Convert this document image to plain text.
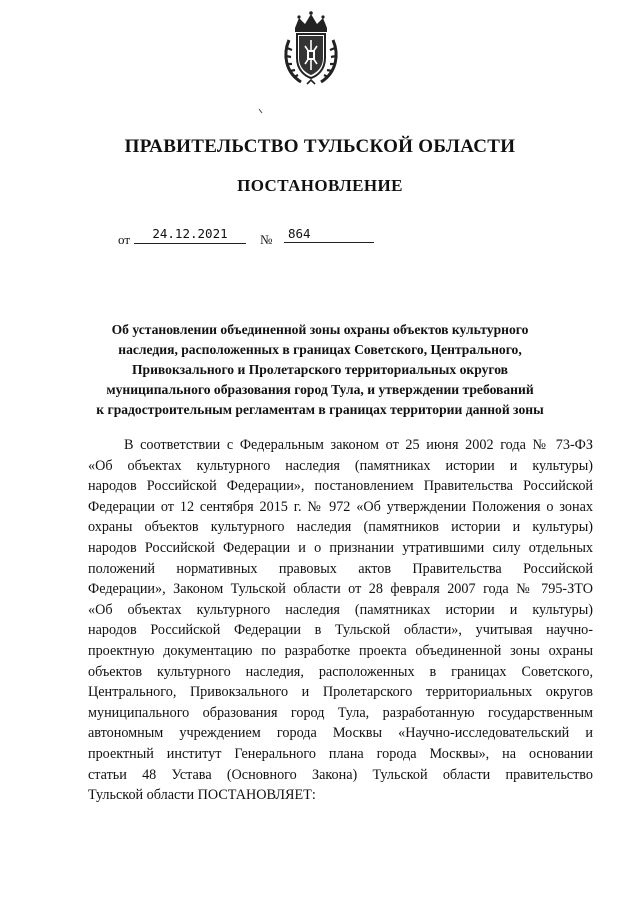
ПРАВИТЕЛЬСТВО ТУЛЬСКОЙ ОБЛАСТИ
ПОСТАНОВЛЕНИЕ
от	24.12.2021	№	864
Об установлении объединенной зоны охраны объектов культурного
наследия, расположенных в границах Советского, Центрального,
Привокзального и Пролетарского территориальных округов
муниципального образования город Тула, и утверждении требований
к градостроительным регламентам в границах территории данной зоны
В соответствии с Федеральным законом от 25 июня 2002 года № 73-ФЗ
«Об объектах культурного наследия (памятниках истории и культуры)
народов Российской Федерации», постановлением Правительства Российской
Федерации от 12 сентября 2015 г. № 972 «Об утверждении Положения о зонах
охраны объектов культурного наследия (памятников истории и культуры)
народов Российской Федерации и о признании утратившими силу отдельных
положений нормативных правовых актов Правительства Российской
Федерации», Законом Тульской области от 28 февраля 2007 года № 795-ЗТО
«Об объектах культурного наследия (памятниках истории и культуры)
народов Российской Федерации в Тульской области», учитывая научно-
проектную документацию по разработке проекта объединенной зоны охраны
объектов культурного наследия, расположенных в границах Советского,
Центрального, Привокзального и Пролетарского территориальных округов
муниципального образования город Тула, разработанную государственным
автономным учреждением города Москвы «Научно-исследовательский и
проектный институт Генерального плана города Москвы», на основании
статьи 48 Устава (Основного Закона) Тульской области правительство
Тульской области ПОСТАНОВЛЯЕТ:
